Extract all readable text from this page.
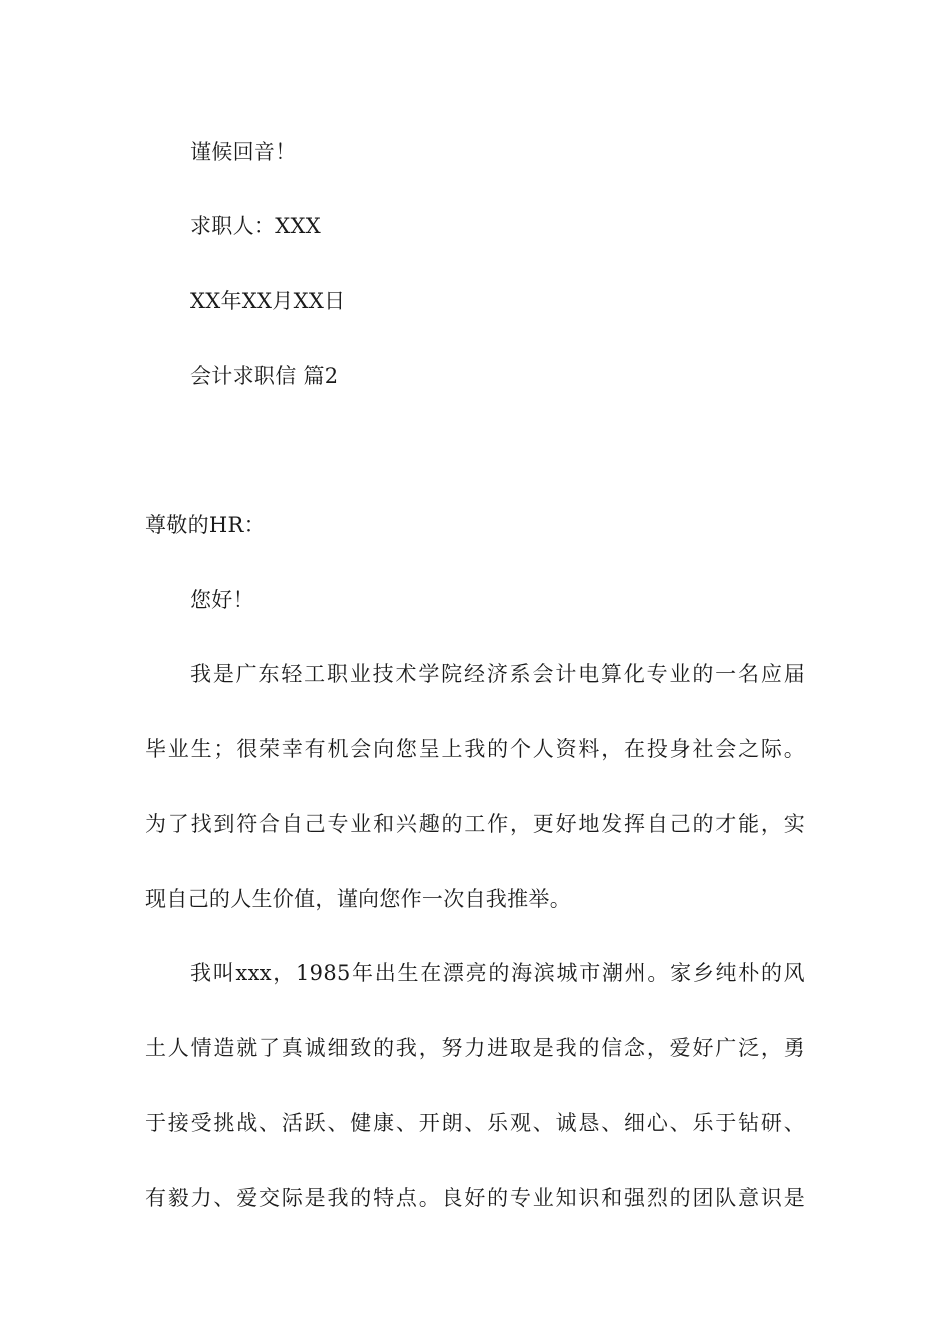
谨候回音！
求职人：XXX
XX年XX月XX日
会计求职信 篇2
尊敬的HR：
您好！
我是广东轻工职业技术学院经济系会计电算化专业的一名应届
毕业生；很荣幸有机会向您呈上我的个人资料，在投身社会之际。
为了找到符合自己专业和兴趣的工作，更好地发挥自己的才能，实
现自己的人生价值，谨向您作一次自我推举。
我叫xxx，1985年出生在漂亮的海滨城市潮州。家乡纯朴的风
土人情造就了真诚细致的我，努力进取是我的信念，爱好广泛，勇
于接受挑战、活跃、健康、开朗、乐观、诚恳、细心、乐于钻研、
有毅力、爱交际是我的特点。良好的专业知识和强烈的团队意识是
